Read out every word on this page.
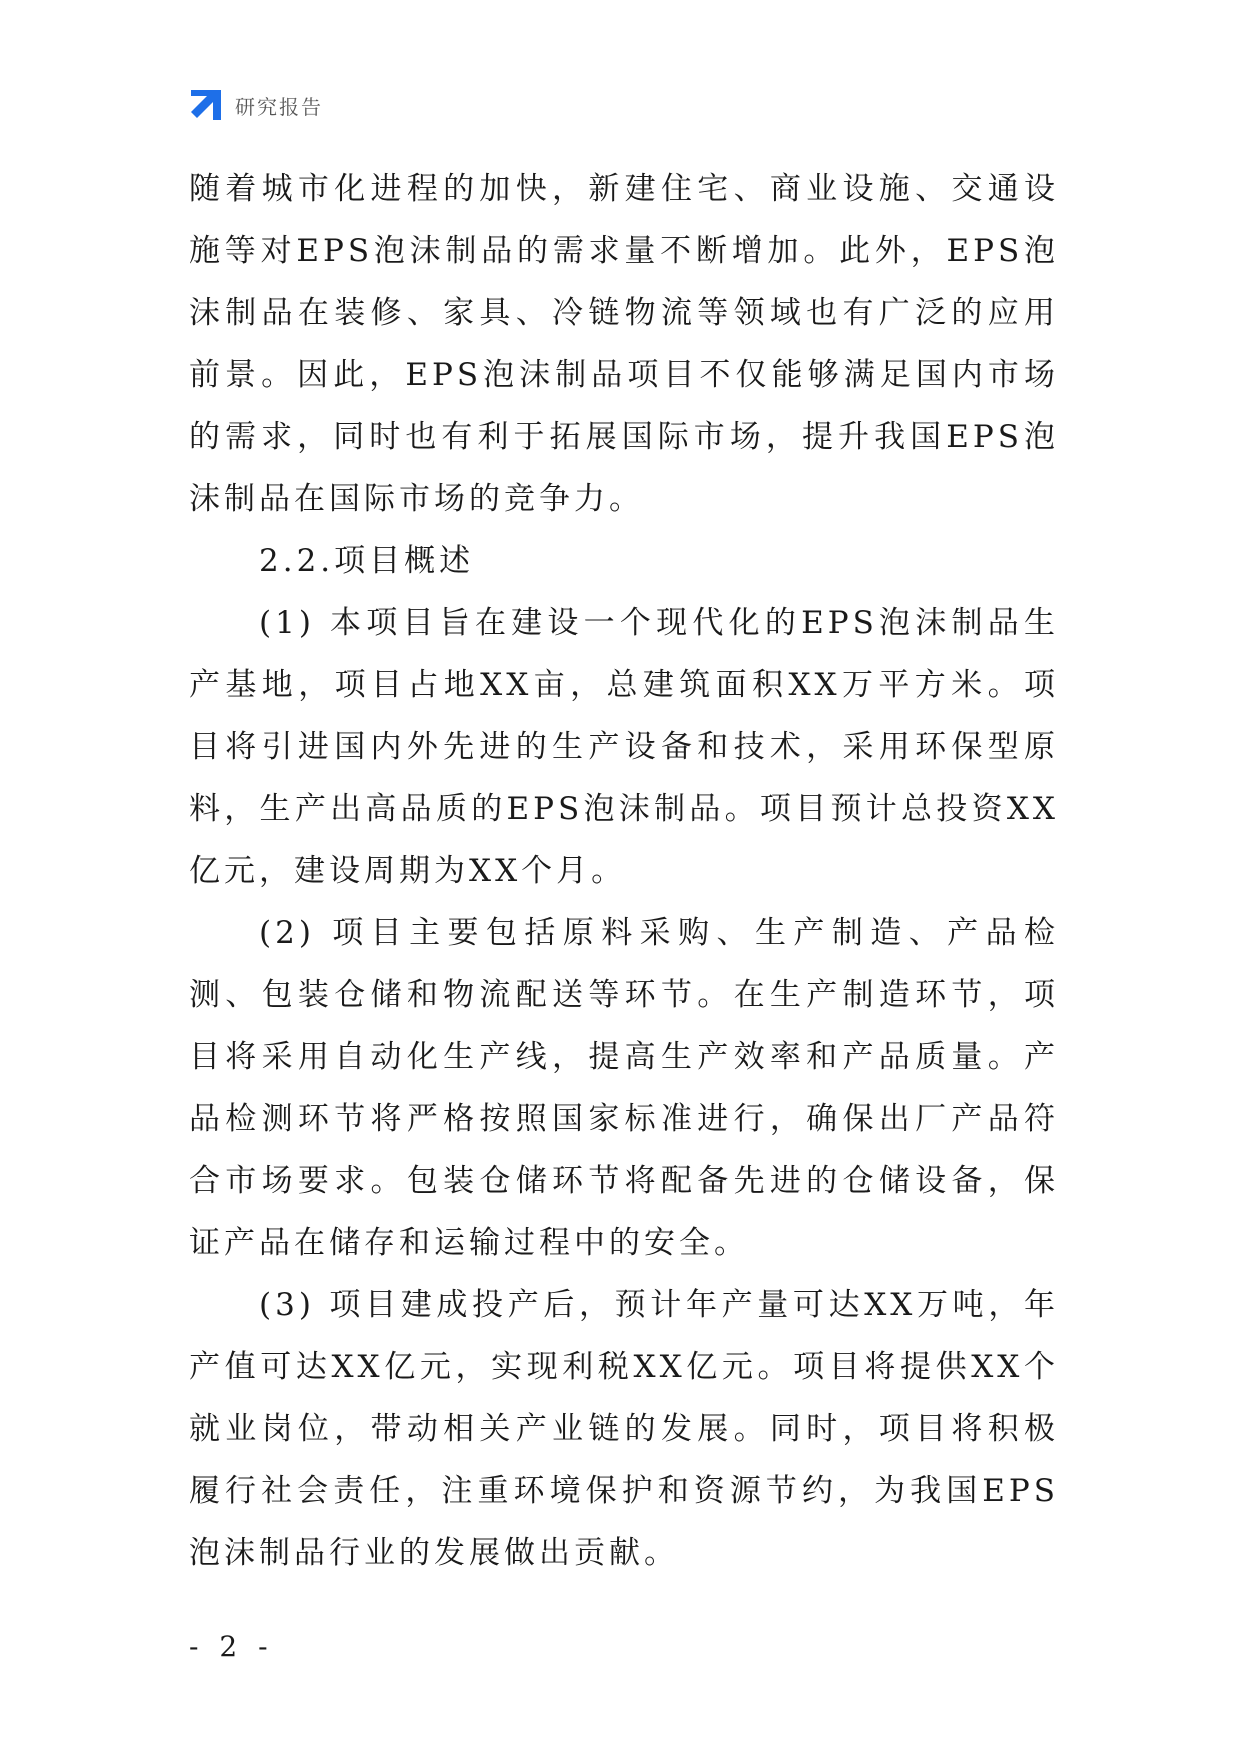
研究报告

随着城市化进程的加快，新建住宅、商业设施、交通设施等对EPS泡沫制品的需求量不断增加。此外，EPS泡沫制品在装修、家具、冷链物流等领域也有广泛的应用前景。因此，EPS泡沫制品项目不仅能够满足国内市场的需求，同时也有利于拓展国际市场，提升我国EPS泡沫制品在国际市场的竞争力。

2.2.项目概述

(1) 本项目旨在建设一个现代化的EPS泡沫制品生产基地，项目占地XX亩，总建筑面积XX万平方米。项目将引进国内外先进的生产设备和技术，采用环保型原料，生产出高品质的EPS泡沫制品。项目预计总投资XX亿元，建设周期为XX个月。

(2) 项目主要包括原料采购、生产制造、产品检测、包装仓储和物流配送等环节。在生产制造环节，项目将采用自动化生产线，提高生产效率和产品质量。产品检测环节将严格按照国家标准进行，确保出厂产品符合市场要求。包装仓储环节将配备先进的仓储设备，保证产品在储存和运输过程中的安全。

(3) 项目建成投产后，预计年产量可达XX万吨，年产值可达XX亿元，实现利税XX亿元。项目将提供XX个就业岗位，带动相关产业链的发展。同时，项目将积极履行社会责任，注重环境保护和资源节约，为我国EPS泡沫制品行业的发展做出贡献。

- 2 -
